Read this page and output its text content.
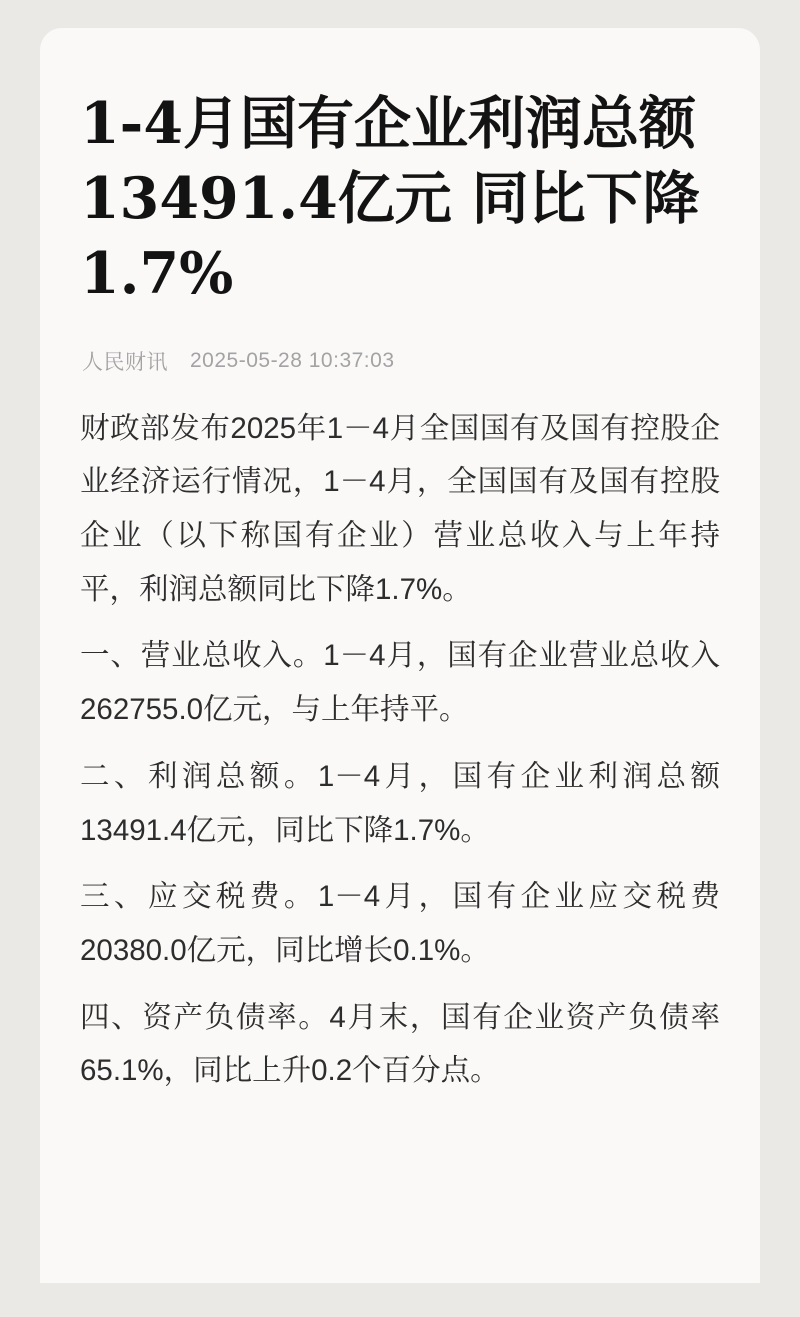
1-4月国有企业利润总额13491.4亿元 同比下降1.7%
人民财讯 2025-05-28 10:37:03

财政部发布2025年1－4月全国国有及国有控股企业经济运行情况，1－4月，全国国有及国有控股企业（以下称国有企业）营业总收入与上年持平，利润总额同比下降1.7%。

一、营业总收入。1－4月，国有企业营业总收入262755.0亿元，与上年持平。

二、利润总额。1－4月，国有企业利润总额13491.4亿元，同比下降1.7%。

三、应交税费。1－4月，国有企业应交税费20380.0亿元，同比增长0.1%。

四、资产负债率。4月末，国有企业资产负债率65.1%，同比上升0.2个百分点。
